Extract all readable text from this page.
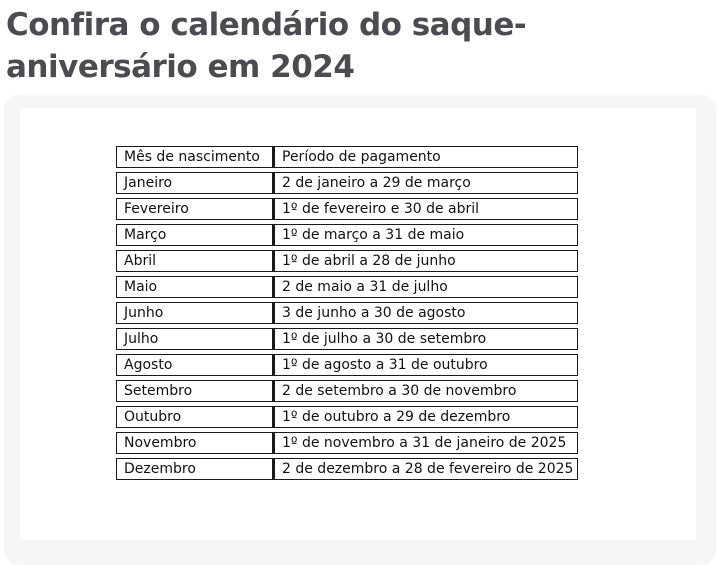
Confira o calendário do saque-aniversário em 2024
Mês de nascimento	Período de pagamento
Janeiro	2 de janeiro a 29 de março
Fevereiro	1º de fevereiro e 30 de abril
Março	1º de março a 31 de maio
Abril	1º de abril a 28 de junho
Maio	2 de maio a 31 de julho
Junho	3 de junho a 30 de agosto
Julho	1º de julho a 30 de setembro
Agosto	1º de agosto a 31 de outubro
Setembro	2 de setembro a 30 de novembro
Outubro	1º de outubro a 29 de dezembro
Novembro	1º de novembro a 31 de janeiro de 2025
Dezembro	2 de dezembro a 28 de fevereiro de 2025
